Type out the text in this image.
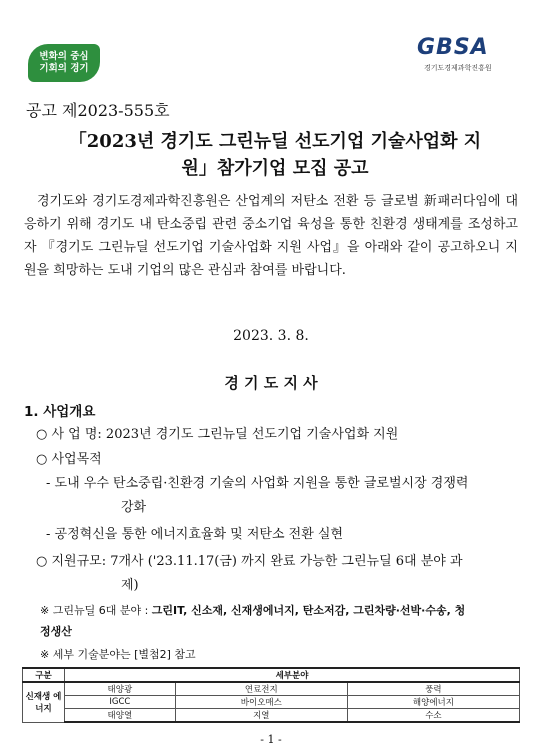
변화의 중심
기회의 경기
GBSA
경기도경제과학진흥원
공고 제2023-555호
「2023년 경기도 그린뉴딜 선도기업 기술사업화 지
원」참가기업 모집 공고
경기도와 경기도경제과학진흥원은 산업계의 저탄소 전환 등 글로벌 新패러다임에 대응하기 위해 경기도 내 탄소중립 관련 중소기업 육성을 통한 친환경 생태계를 조성하고자 『경기도 그린뉴딜 선도기업 기술사업화 지원 사업』을 아래와 같이 공고하오니 지원을 희망하는 도내 기업의 많은 관심과 참여를 바랍니다.
2023. 3. 8.
경 기 도 지 사
1. 사업개요
○ 사 업 명: 2023년 경기도 그린뉴딜 선도기업 기술사업화 지원
○ 사업목적
- 도내 우수 탄소중립·친환경 기술의 사업화 지원을 통한 글로벌시장 경쟁력
강화
- 공정혁신을 통한 에너지효율화 및 저탄소 전환 실현
○ 지원규모: 7개사 ('23.11.17(금) 까지 완료 가능한 그린뉴딜 6대 분야 과
제)
※ 그린뉴딜 6대 분야 : 그린IT, 신소재, 신재생에너지, 탄소저감, 그린차량·선박·수송, 청
정생산
※ 세부 기술분야는 [별첨2] 참고
구분	세부분야		
신재생 에너지	태양광	연료전지	풍력
	IGCC	바이오매스	해양에너지
	태양열	지열	수소
- 1 -
